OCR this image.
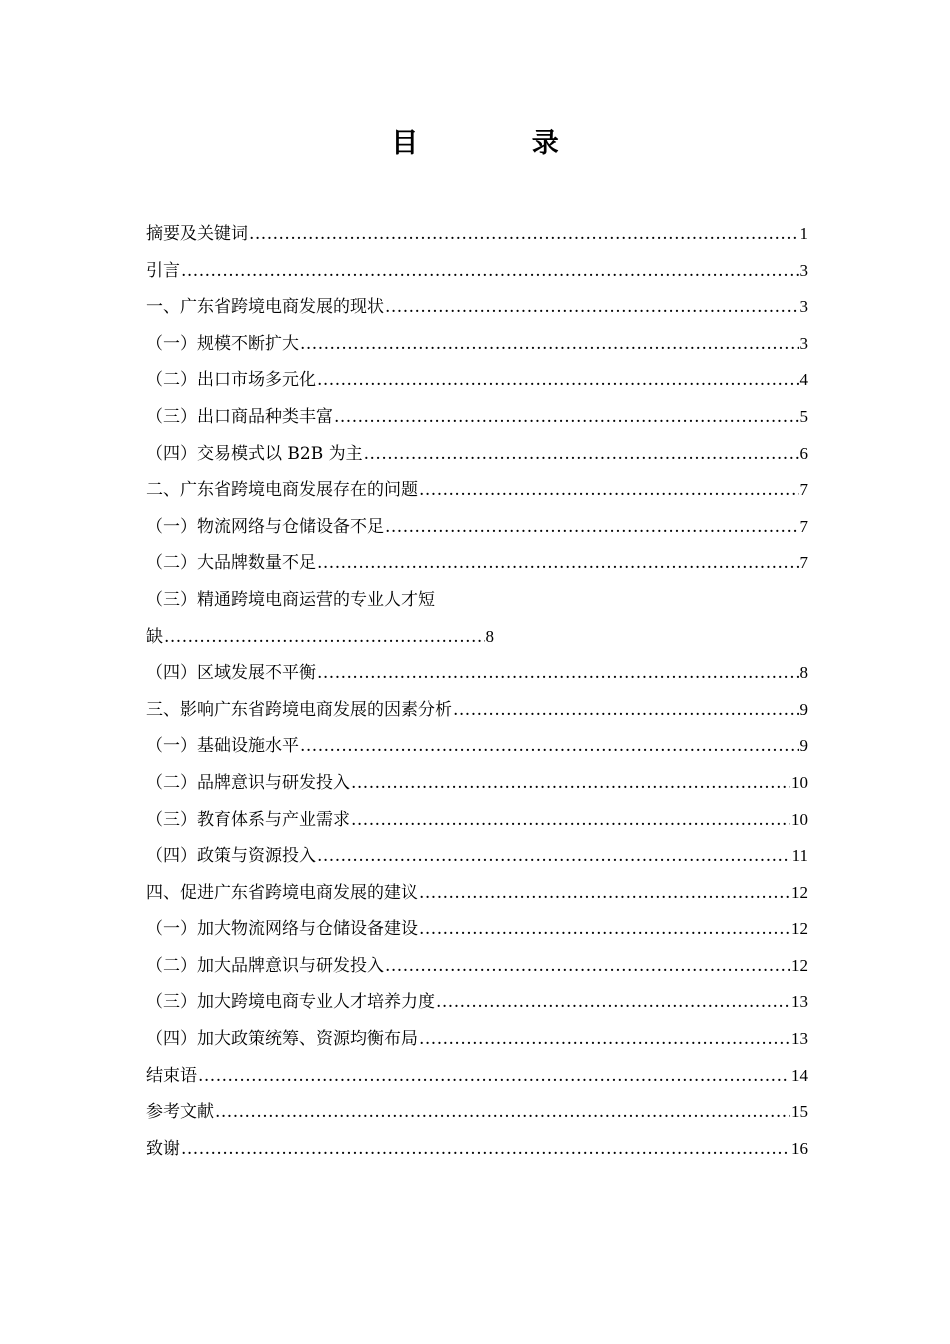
目 录
摘要及关键词 .....	1
引言 .....	3
一、广东省跨境电商发展的现状 .....	3
（一）规模不断扩大 .....	3
（二）出口市场多元化 .....	4
（三）出口商品种类丰富 .....	5
（四）交易模式以 B2B 为主 .....	6
二、广东省跨境电商发展存在的问题 .....	7
（一）物流网络与仓储设备不足 .....	7
（二）大品牌数量不足 .....	7
（三）精通跨境电商运营的专业人才短
缺 .....	8
（四）区域发展不平衡 .....	8
三、影响广东省跨境电商发展的因素分析 .....	9
（一）基础设施水平 .....	9
（二）品牌意识与研发投入 .....	10
（三）教育体系与产业需求 .....	10
（四）政策与资源投入 .....	11
四、促进广东省跨境电商发展的建议 .....	12
（一）加大物流网络与仓储设备建设 .....	12
（二）加大品牌意识与研发投入 .....	12
（三）加大跨境电商专业人才培养力度 .....	13
（四）加大政策统筹、资源均衡布局 .....	13
结束语 .....	14
参考文献 .....	15
致谢 .....	16
